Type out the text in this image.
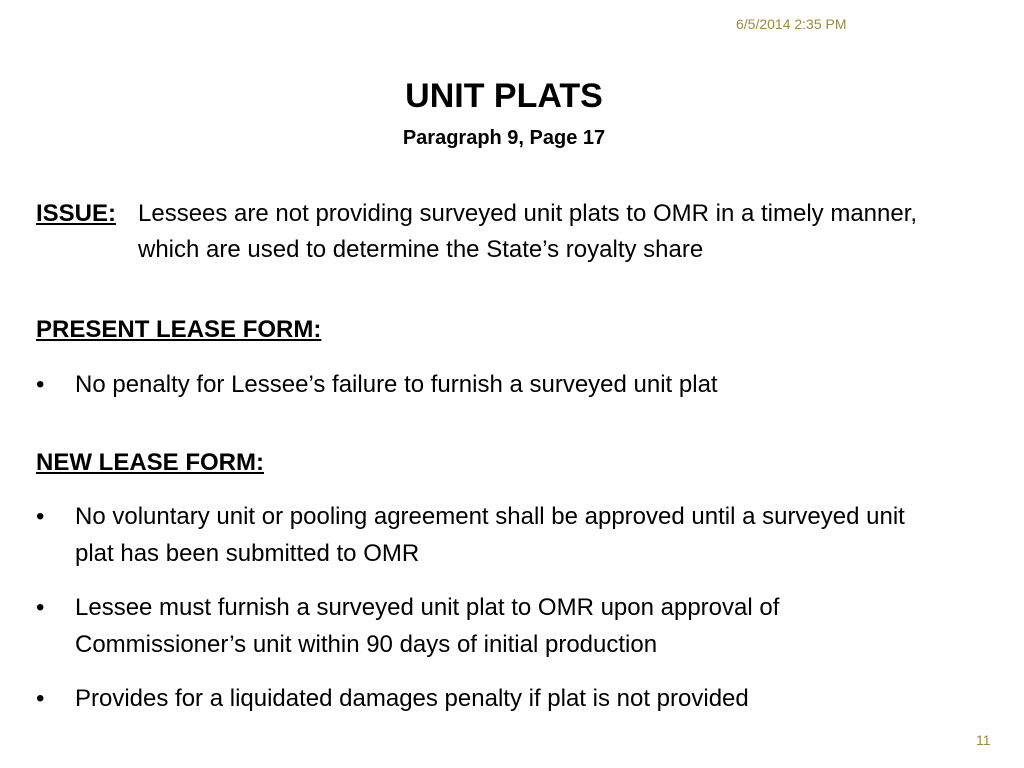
6/5/2014 2:35 PM
UNIT PLATS
Paragraph 9, Page 17
ISSUE: Lessees are not providing surveyed unit plats to OMR in a timely manner, which are used to determine the State’s royalty share
PRESENT LEASE FORM:
•	No penalty for Lessee’s failure to furnish a surveyed unit plat
NEW LEASE FORM:
•	No voluntary unit or pooling agreement shall be approved until a surveyed unit plat has been submitted to OMR
•	Lessee must furnish a surveyed unit plat to OMR upon approval of Commissioner’s unit within 90 days of initial production
•	Provides for a liquidated damages penalty if plat is not provided
11
